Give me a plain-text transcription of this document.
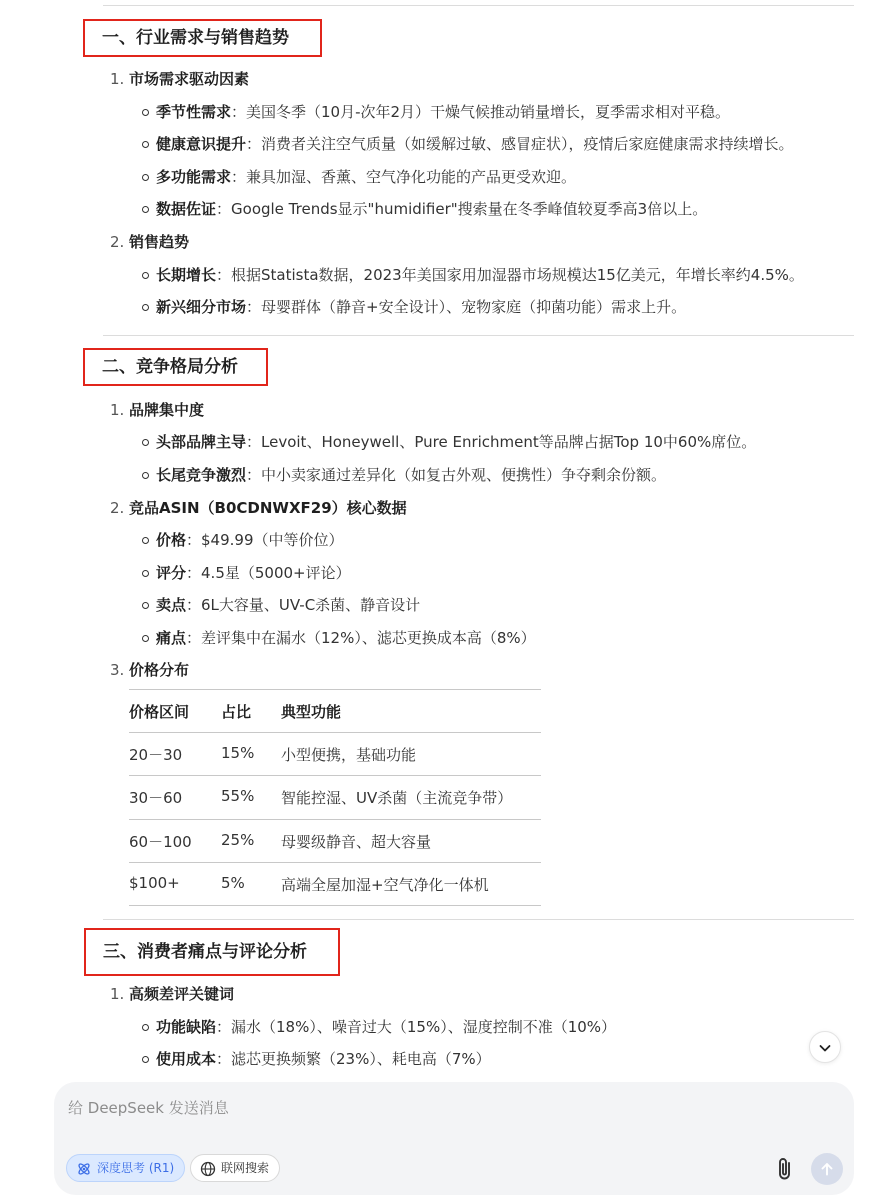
一、行业需求与销售趋势
1. 市场需求驱动因素
季节性需求：美国冬季（10月-次年2月）干燥气候推动销量增长，夏季需求相对平稳。
健康意识提升：消费者关注空气质量（如缓解过敏、感冒症状），疫情后家庭健康需求持续增长。
多功能需求：兼具加湿、香薰、空气净化功能的产品更受欢迎。
数据佐证：Google Trends显示"humidifier"搜索量在冬季峰值较夏季高3倍以上。
2. 销售趋势
长期增长：根据Statista数据，2023年美国家用加湿器市场规模达15亿美元，年增长率约4.5%。
新兴细分市场：母婴群体（静音+安全设计）、宠物家庭（抑菌功能）需求上升。
二、竞争格局分析
1. 品牌集中度
头部品牌主导：Levoit、Honeywell、Pure Enrichment等品牌占据Top 10中60%席位。
长尾竞争激烈：中小卖家通过差异化（如复古外观、便携性）争夺剩余份额。
2. 竞品ASIN（B0CDNWXF29）核心数据
价格：$49.99（中等价位）
评分：4.5星（5000+评论）
卖点：6L大容量、UV-C杀菌、静音设计
痛点：差评集中在漏水（12%）、滤芯更换成本高（8%）
3. 价格分布
价格区间 占比 典型功能
20－30	15% 小型便携，基础功能
30－60	55% 智能控湿、UV杀菌（主流竞争带）
60－100 25% 母婴级静音、超大容量
$100+	5% 高端全屋加湿+空气净化一体机
三、消费者痛点与评论分析
1. 高频差评关键词
功能缺陷：漏水（18%）、噪音过大（15%）、湿度控制不准（10%）
使用成本：滤芯更换频繁（23%）、耗电高（7%）
给 DeepSeek 发送消息
深度思考 (R1)	联网搜索
